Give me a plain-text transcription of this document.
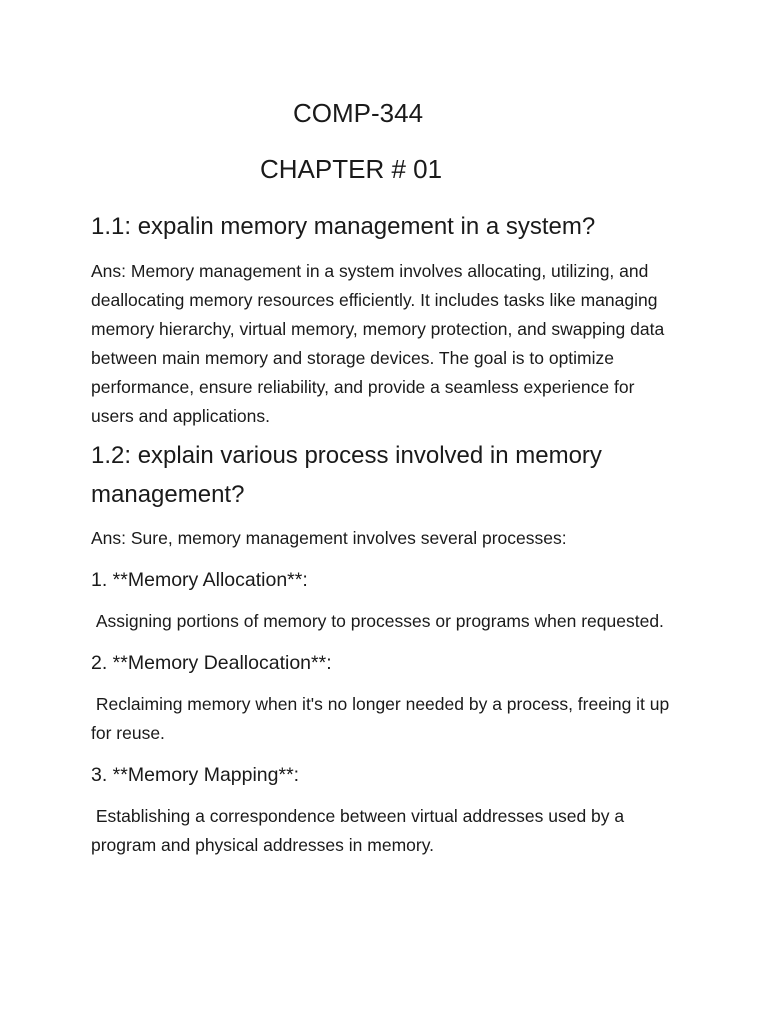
COMP-344
CHAPTER # 01
1.1: expalin memory management in a system?

Ans: Memory management in a system involves allocating, utilizing, and deallocating memory resources efficiently. It includes tasks like managing memory hierarchy, virtual memory, memory protection, and swapping data between main memory and storage devices. The goal is to optimize performance, ensure reliability, and provide a seamless experience for users and applications.

1.2: explain various process involved in memory management?

Ans: Sure, memory management involves several processes:

1. **Memory Allocation**:

Assigning portions of memory to processes or programs when requested.

2. **Memory Deallocation**:

Reclaiming memory when it's no longer needed by a process, freeing it up for reuse.

3. **Memory Mapping**:

Establishing a correspondence between virtual addresses used by a program and physical addresses in memory.
